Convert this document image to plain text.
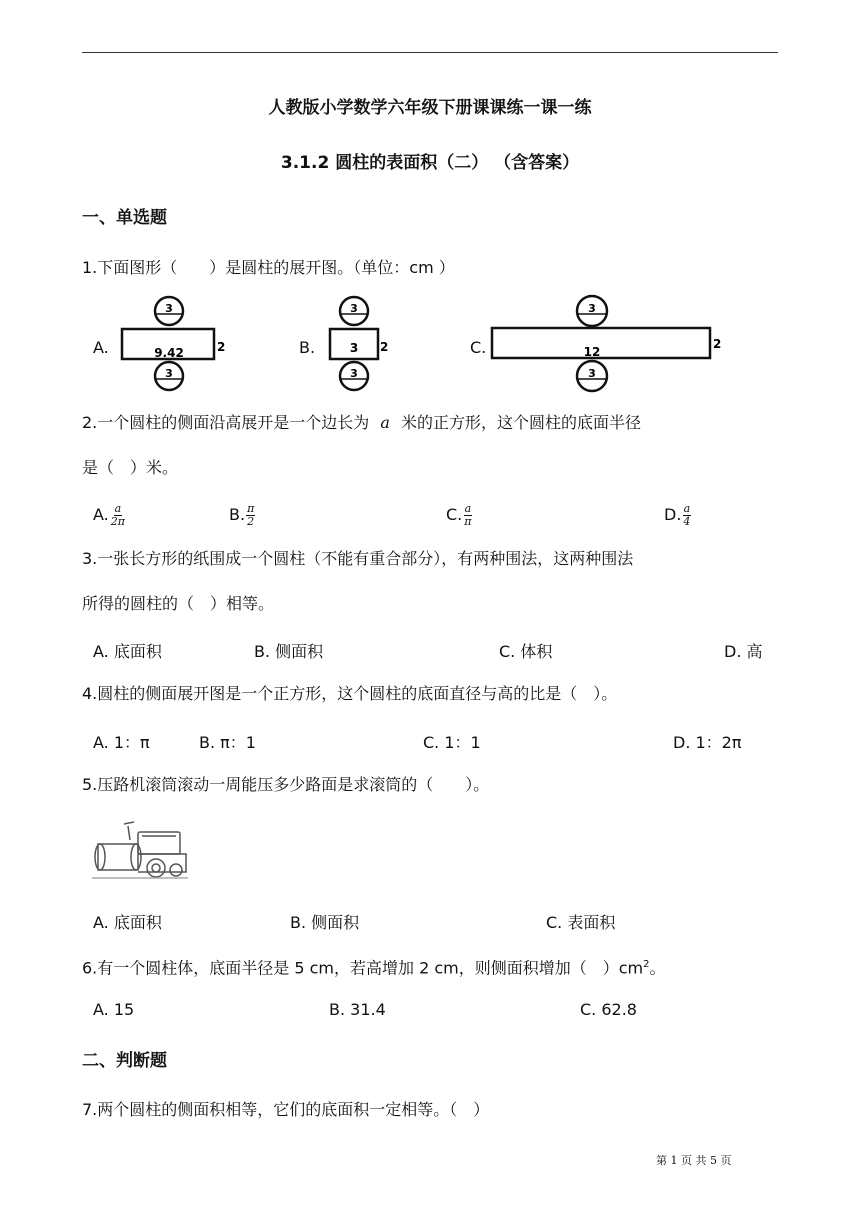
人教版小学数学六年级下册课课练一课一练
3.1.2 圆柱的表面积（二） （含答案）
一、单选题
1.下面图形（　　）是圆柱的展开图。（单位：cm ）
A.
3
9.42	2
3
B.
3
3 2
3
C.
3
12
2
3
2.一个圆柱的侧面沿高展开是一个边长为 a 米的正方形，这个圆柱的底面半径
是（　）米。
A. $\frac{a}{2\pi}$	B. $\frac{\pi}{2}$	C. $\frac{a}{\pi}$	D. $\frac{a}{4}$
3.一张长方形的纸围成一个圆柱（不能有重合部分），有两种围法，这两种围法
所得的圆柱的（　）相等。
A. 底面积	B. 侧面积	C. 体积	D. 高
4.圆柱的侧面展开图是一个正方形，这个圆柱的底面直径与高的比是（　）。
A. 1：π	B. π：1	C. 1：1	D. 1：2π
5.压路机滚筒滚动一周能压多少路面是求滚筒的（　　）。
A. 底面积	B. 侧面积	C. 表面积
6.有一个圆柱体，底面半径是 5 cm，若高增加 2 cm，则侧面积增加（　）$cm^2$。
A. 15	B. 31.4	C. 62.8
二、判断题
7.两个圆柱的侧面积相等，它们的底面积一定相等。（　）
第 1 页 共 5 页
